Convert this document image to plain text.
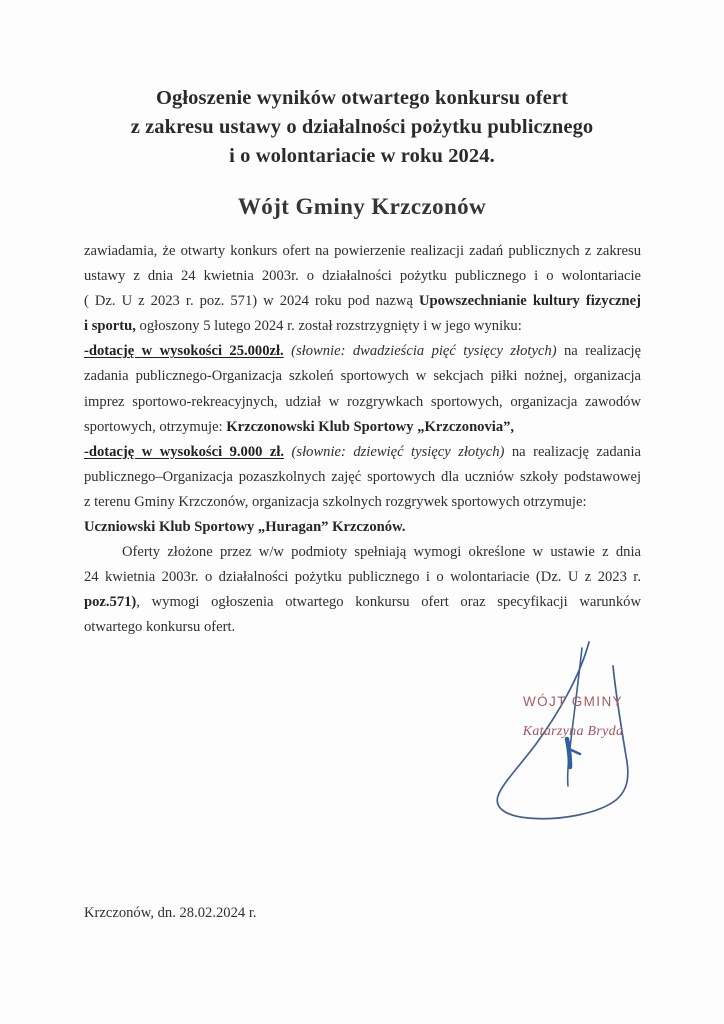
Ogłoszenie wyników otwartego konkursu ofert
z zakresu ustawy o działalności pożytku publicznego
i o wolontariacie w roku 2024.
Wójt Gminy Krzczonów

zawiadamia, że otwarty konkurs ofert na powierzenie realizacji zadań publicznych z zakresu
ustawy z dnia 24 kwietnia 2003r. o działalności pożytku publicznego i o wolontariacie
( Dz. U z 2023 r. poz. 571) w 2024 roku pod nazwą Upowszechnianie kultury fizycznej
i sportu, ogłoszony 5 lutego 2024 r. został rozstrzygnięty i w jego wyniku:

-dotację w wysokości 25.000zł. (słownie: dwadzieścia pięć tysięcy złotych) na realizację
zadania publicznego-Organizacja szkoleń sportowych w sekcjach piłki nożnej, organizacja
imprez sportowo-rekreacyjnych, udział w rozgrywkach sportowych, organizacja zawodów
sportowych, otrzymuje: Krzczonowski Klub Sportowy „Krzczonovia”,

-dotację w wysokości 9.000 zł. (słownie: dziewięć tysięcy złotych) na realizację zadania
publicznego–Organizacja pozaszkolnych zajęć sportowych dla uczniów szkoły podstawowej
z terenu Gminy Krzczonów, organizacja szkolnych rozgrywek sportowych otrzymuje:
Uczniowski Klub Sportowy „Huragan” Krzczonów.

Oferty złożone przez w/w podmioty spełniają wymogi określone w ustawie z dnia
24 kwietnia 2003r. o działalności pożytku publicznego i o wolontariacie (Dz. U z 2023 r.
poz.571), wymogi ogłoszenia otwartego konkursu ofert oraz specyfikacji warunków
otwartego konkursu ofert.

WÓJT GMINY
Katarzyna Bryda
Krzczonów, dn. 28.02.2024 r.
